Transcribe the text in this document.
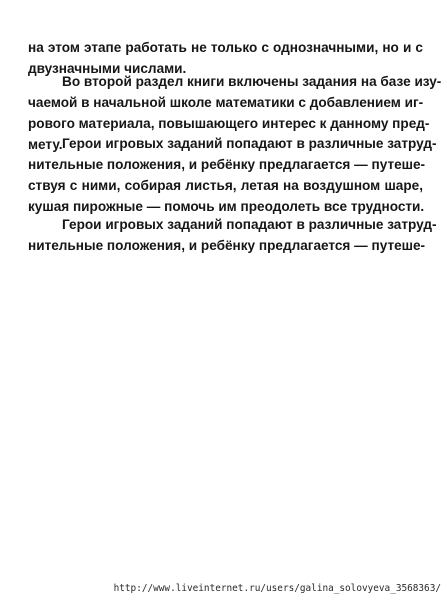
на этом этапе работать не только с однозначными, но и с
двузначными числами.
Во второй раздел книги включены задания на базе изу-
чаемой в начальной школе математики с добавлением иг-
рового материала, повышающего интерес к данному пред-
мету. Герои игровых заданий попадают в различные затруд-
нительные положения, и ребёнку предлагается — путеше-
ствуя с ними, собирая листья, летая на воздушном шаре,
кушая пирожные — помочь им преодолеть все трудности.
Герои игровых заданий попадают в различные затруд-
нительные положения, и ребёнку предлагается — путеше-
http://www.liveinternet.ru/users/galina_solovyeva_3568363/
